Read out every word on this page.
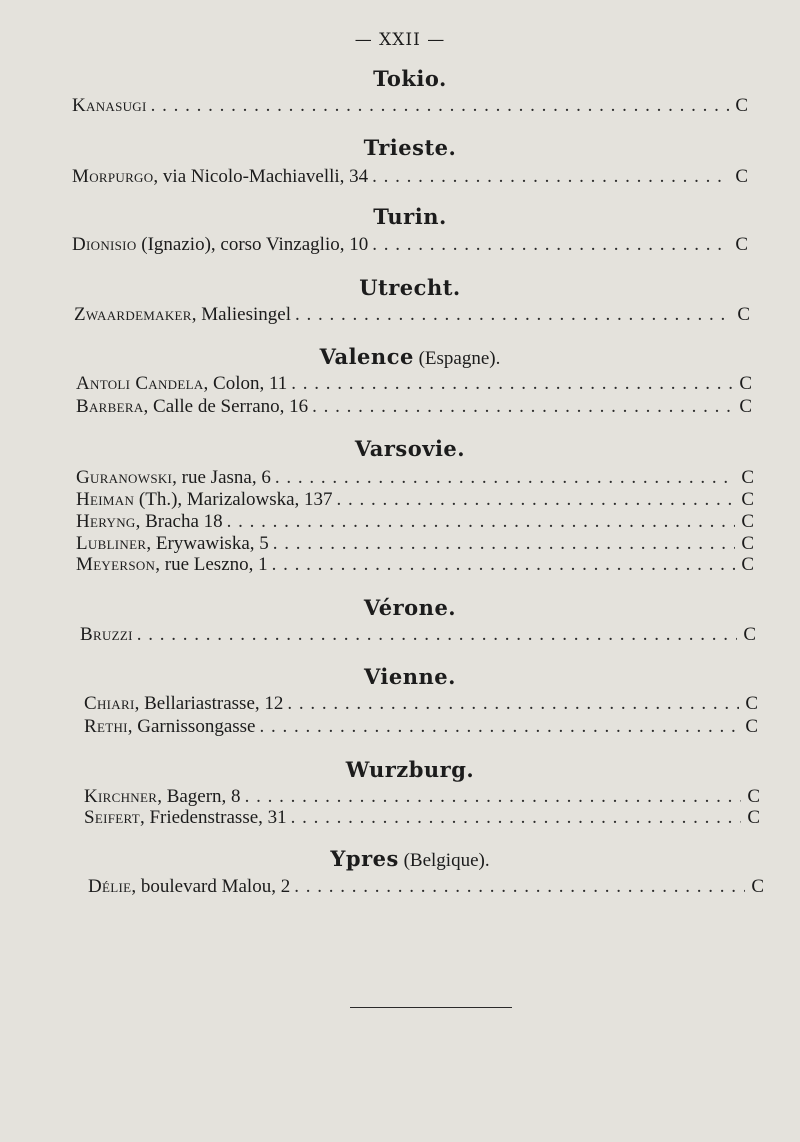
— XXII —
Tokio.
Kanasugi . . .	C
Trieste.
Morpurgo, via Nicolo-Machiavelli, 34 . . .	C
Turin.
Dionisio (Ignazio), corso Vinzaglio, 10 . . .	C
Utrecht.
Zwaardemaker, Maliesingel . . .	C
Valence (Espagne).
Antoli Candela, Colon, 11 . . .	C
Barbera, Calle de Serrano, 16 . . .	C
Varsovie.
Guranowski, rue Jasna, 6 . . .	C
Heiman (Th.), Marizalowska, 137 . . .	C
Heryng, Bracha 18 . . .	C
Lubliner, Erywawiska, 5 . . .	C
Meyerson, rue Leszno, 1 . . .	C
Vérone.
Bruzzi . . .	C
Vienne.
Chiari, Bellariastrasse, 12 . . .	C
Rethi, Garnissongasse . . .	C
Wurzburg.
Kirchner, Bagern, 8 . . .	C
Seifert, Friedenstrasse, 31 . . .	C
Ypres (Belgique).
Délie, boulevard Malou, 2 . . .	C
